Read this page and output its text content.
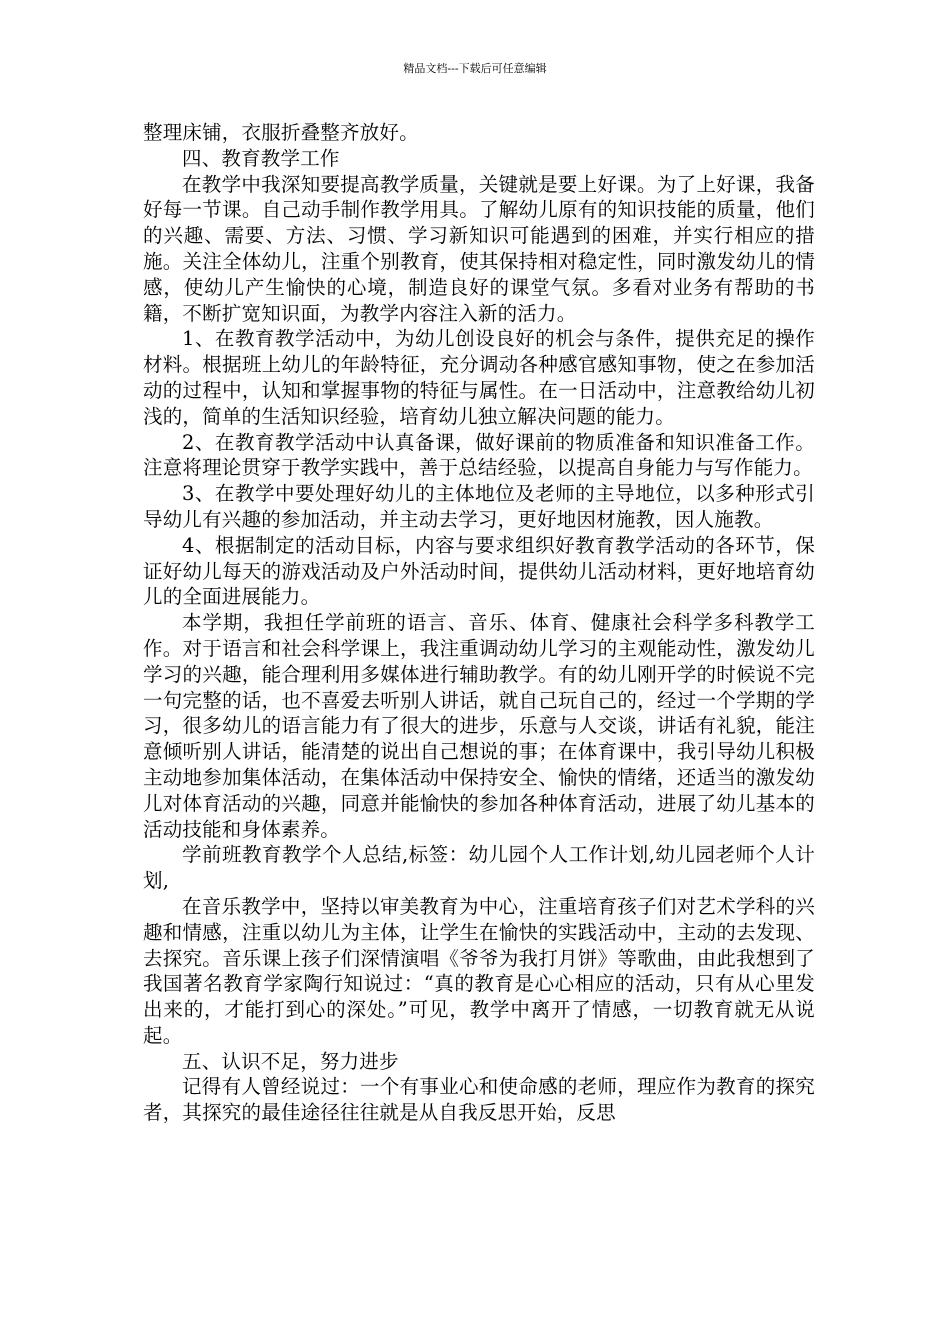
精品文档---下载后可任意编辑

整理床铺，衣服折叠整齐放好。

四、教育教学工作

在教学中我深知要提高教学质量，关键就是要上好课。为了上好课，我备好每一节课。自己动手制作教学用具。了解幼儿原有的知识技能的质量，他们的兴趣、需要、方法、习惯、学习新知识可能遇到的困难，并实行相应的措施。关注全体幼儿，注重个别教育，使其保持相对稳定性，同时激发幼儿的情感，使幼儿产生愉快的心境，制造良好的课堂气氛。多看对业务有帮助的书籍，不断扩宽知识面，为教学内容注入新的活力。

1、在教育教学活动中，为幼儿创设良好的机会与条件，提供充足的操作材料。根据班上幼儿的年龄特征，充分调动各种感官感知事物，使之在参加活动的过程中，认知和掌握事物的特征与属性。在一日活动中，注意教给幼儿初浅的，简单的生活知识经验，培育幼儿独立解决问题的能力。

2、在教育教学活动中认真备课，做好课前的物质准备和知识准备工作。注意将理论贯穿于教学实践中，善于总结经验，以提高自身能力与写作能力。

3、在教学中要处理好幼儿的主体地位及老师的主导地位，以多种形式引导幼儿有兴趣的参加活动，并主动去学习，更好地因材施教，因人施教。

4、根据制定的活动目标，内容与要求组织好教育教学活动的各环节，保证好幼儿每天的游戏活动及户外活动时间，提供幼儿活动材料，更好地培育幼儿的全面进展能力。

本学期，我担任学前班的语言、音乐、体育、健康社会科学多科教学工作。对于语言和社会科学课上，我注重调动幼儿学习的主观能动性，激发幼儿学习的兴趣，能合理利用多媒体进行辅助教学。有的幼儿刚开学的时候说不完一句完整的话，也不喜爱去听别人讲话，就自己玩自己的，经过一个学期的学习，很多幼儿的语言能力有了很大的进步，乐意与人交谈，讲话有礼貌，能注意倾听别人讲话，能清楚的说出自己想说的事；在体育课中，我引导幼儿积极主动地参加集体活动，在集体活动中保持安全、愉快的情绪，还适当的激发幼儿对体育活动的兴趣，同意并能愉快的参加各种体育活动，进展了幼儿基本的活动技能和身体素养。

学前班教育教学个人总结,标签：幼儿园个人工作计划,幼儿园老师个人计划,

在音乐教学中，坚持以审美教育为中心，注重培育孩子们对艺术学科的兴趣和情感，注重以幼儿为主体，让学生在愉快的实践活动中，主动的去发现、去探究。音乐课上孩子们深情演唱《爷爷为我打月饼》等歌曲，由此我想到了我国著名教育学家陶行知说过：“真的教育是心心相应的活动，只有从心里发出来的，才能打到心的深处。”可见，教学中离开了情感，一切教育就无从说起。

五、认识不足，努力进步

记得有人曾经说过：一个有事业心和使命感的老师，理应作为教育的探究者，其探究的最佳途径往往就是从自我反思开始，反思
